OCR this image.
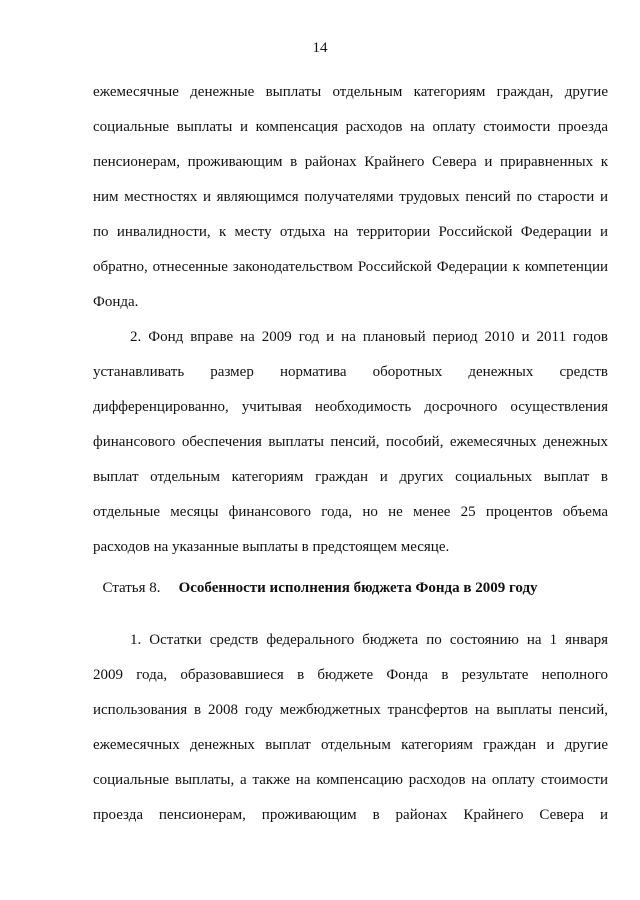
14
ежемесячные денежные выплаты отдельным категориям граждан, другие
социальные выплаты и компенсация расходов на оплату стоимости проезда
пенсионерам, проживающим в районах Крайнего Севера и приравненных к
ним местностях и являющимся получателями трудовых пенсий по старости и
по инвалидности, к месту отдыха на территории Российской Федерации и
обратно, отнесенные законодательством Российской Федерации к компетенции
Фонда.
2. Фонд вправе на 2009 год и на плановый период 2010 и 2011 годов
устанавливать размер норматива оборотных денежных средств
дифференцированно, учитывая необходимость досрочного осуществления
финансового обеспечения выплаты пенсий, пособий, ежемесячных денежных
выплат отдельным категориям граждан и других социальных выплат в
отдельные месяцы финансового года, но не менее 25 процентов объема
расходов на указанные выплаты в предстоящем месяце.
Статья 8. Особенности исполнения бюджета Фонда в 2009 году
1. Остатки средств федерального бюджета по состоянию на 1 января
2009 года, образовавшиеся в бюджете Фонда в результате неполного
использования в 2008 году межбюджетных трансфертов на выплаты пенсий,
ежемесячных денежных выплат отдельным категориям граждан и другие
социальные выплаты, а также на компенсацию расходов на оплату стоимости
проезда пенсионерам, проживающим в районах Крайнего Севера и
